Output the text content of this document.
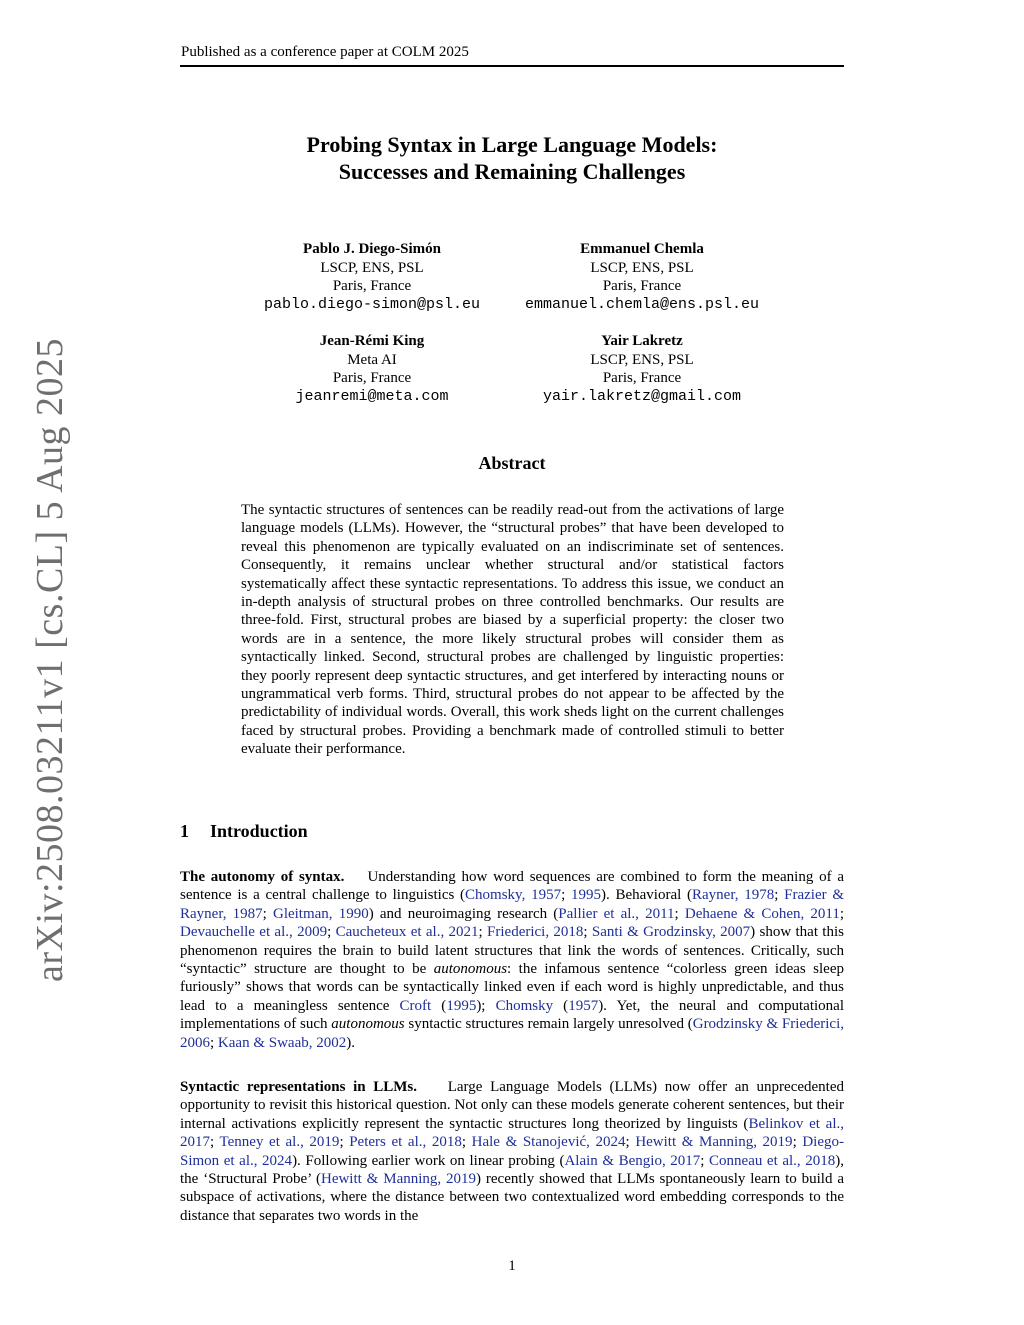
Published as a conference paper at COLM 2025
arXiv:2508.03211v1 [cs.CL] 5 Aug 2025
Probing Syntax in Large Language Models:
Successes and Remaining Challenges
Pablo J. Diego-Simón
LSCP, ENS, PSL
Paris, France
pablo.diego-simon@psl.eu
Emmanuel Chemla
LSCP, ENS, PSL
Paris, France
emmanuel.chemla@ens.psl.eu
Jean-Rémi King
Meta AI
Paris, France
jeanremi@meta.com
Yair Lakretz
LSCP, ENS, PSL
Paris, France
yair.lakretz@gmail.com
Abstract
The syntactic structures of sentences can be readily read-out from the activations of large language models (LLMs). However, the “structural probes” that have been developed to reveal this phenomenon are typically evaluated on an indiscriminate set of sentences. Consequently, it remains unclear whether structural and/or statistical factors systematically affect these syntactic representations. To address this issue, we conduct an in-depth analysis of structural probes on three controlled benchmarks. Our results are three-fold. First, structural probes are biased by a superficial property: the closer two words are in a sentence, the more likely structural probes will consider them as syntactically linked. Second, structural probes are challenged by linguistic properties: they poorly represent deep syntactic structures, and get interfered by interacting nouns or ungrammatical verb forms. Third, structural probes do not appear to be affected by the predictability of individual words. Overall, this work sheds light on the current challenges faced by structural probes. Providing a benchmark made of controlled stimuli to better evaluate their performance.
1 Introduction
The autonomy of syntax. Understanding how word sequences are combined to form the meaning of a sentence is a central challenge to linguistics (Chomsky, 1957; 1995). Behavioral (Rayner, 1978; Frazier & Rayner, 1987; Gleitman, 1990) and neuroimaging research (Pallier et al., 2011; Dehaene & Cohen, 2011; Devauchelle et al., 2009; Caucheteux et al., 2021; Friederici, 2018; Santi & Grodzinsky, 2007) show that this phenomenon requires the brain to build latent structures that link the words of sentences. Critically, such “syntactic” structure are thought to be autonomous: the infamous sentence “colorless green ideas sleep furiously” shows that words can be syntactically linked even if each word is highly unpredictable, and thus lead to a meaningless sentence Croft (1995); Chomsky (1957). Yet, the neural and computational implementations of such autonomous syntactic structures remain largely unresolved (Grodzinsky & Friederici, 2006; Kaan & Swaab, 2002).
Syntactic representations in LLMs. Large Language Models (LLMs) now offer an unprecedented opportunity to revisit this historical question. Not only can these models generate coherent sentences, but their internal activations explicitly represent the syntactic structures long theorized by linguists (Belinkov et al., 2017; Tenney et al., 2019; Peters et al., 2018; Hale & Stanojević, 2024; Hewitt & Manning, 2019; Diego-Simon et al., 2024). Following earlier work on linear probing (Alain & Bengio, 2017; Conneau et al., 2018), the ‘Structural Probe’ (Hewitt & Manning, 2019) recently showed that LLMs spontaneously learn to build a subspace of activations, where the distance between two contextualized word embedding corresponds to the distance that separates two words in the
1
